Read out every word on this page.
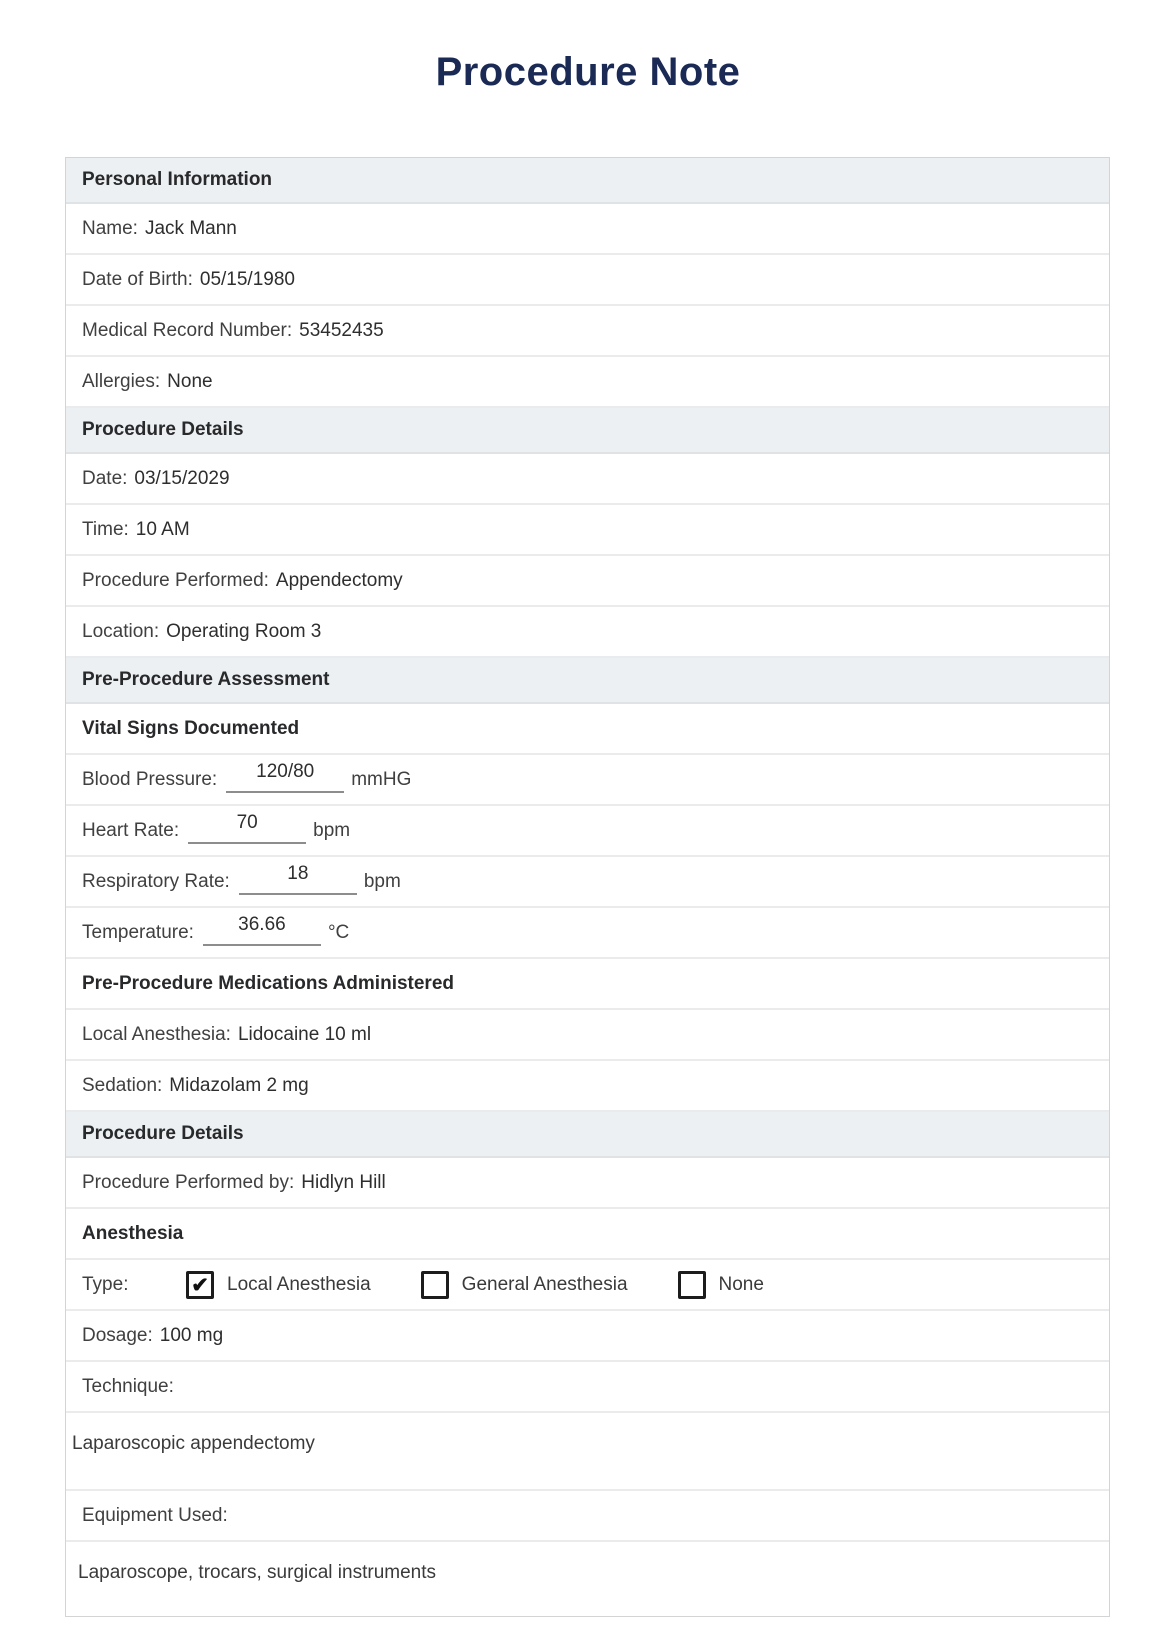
Procedure Note
Personal Information
Name: Jack Mann
Date of Birth: 05/15/1980
Medical Record Number: 53452435
Allergies: None
Procedure Details
Date: 03/15/2029
Time: 10 AM
Procedure Performed: Appendectomy
Location: Operating Room 3
Pre-Procedure Assessment
Vital Signs Documented
Blood Pressure:	120/80	mmHG
Heart Rate:	70	bpm
Respiratory Rate:	18	bpm
Temperature:	36.66	°C
Pre-Procedure Medications Administered
Local Anesthesia: Lidocaine 10 ml
Sedation: Midazolam 2 mg
Procedure Details
Procedure Performed by: Hidlyn Hill
Anesthesia
Type:	✔ Local Anesthesia	General Anesthesia	None
Dosage: 100 mg
Technique:
Laparoscopic appendectomy
Equipment Used:
Laparoscope, trocars, surgical instruments
